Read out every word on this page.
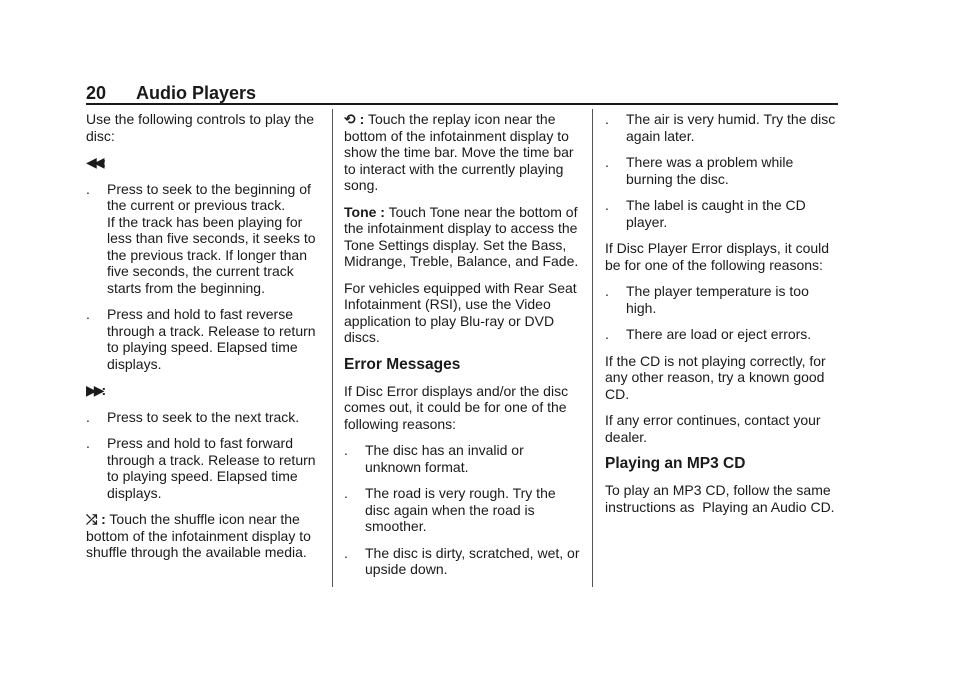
20 Audio Players

Use the following controls to play the disc:

◀◀:

. Press to seek to the beginning of the current or previous track.
If the track has been playing for less than five seconds, it seeks to the previous track. If longer than five seconds, the current track starts from the beginning.
. Press and hold to fast reverse through a track. Release to return to playing speed. Elapsed time displays.

▶▶:

. Press to seek to the next track.
. Press and hold to fast forward through a track. Release to return to playing speed. Elapsed time displays.

⤮ : Touch the shuffle icon near the bottom of the infotainment display to shuffle through the available media.

⟲ : Touch the replay icon near the bottom of the infotainment display to show the time bar. Move the time bar to interact with the currently playing song.

Tone : Touch Tone near the bottom of the infotainment display to access the Tone Settings display. Set the Bass, Midrange, Treble, Balance, and Fade.

For vehicles equipped with Rear Seat Infotainment (RSI), use the Video application to play Blu-ray or DVD discs.

Error Messages

If Disc Error displays and/or the disc comes out, it could be for one of the following reasons:

. The disc has an invalid or unknown format.
. The road is very rough. Try the disc again when the road is smoother.
. The disc is dirty, scratched, wet, or upside down.
. The air is very humid. Try the disc again later.
. There was a problem while burning the disc.
. The label is caught in the CD player.

If Disc Player Error displays, it could be for one of the following reasons:

. The player temperature is too high.
. There are load or eject errors.

If the CD is not playing correctly, for any other reason, try a known good CD.

If any error continues, contact your dealer.

Playing an MP3 CD

To play an MP3 CD, follow the same instructions as  Playing an Audio CD.
